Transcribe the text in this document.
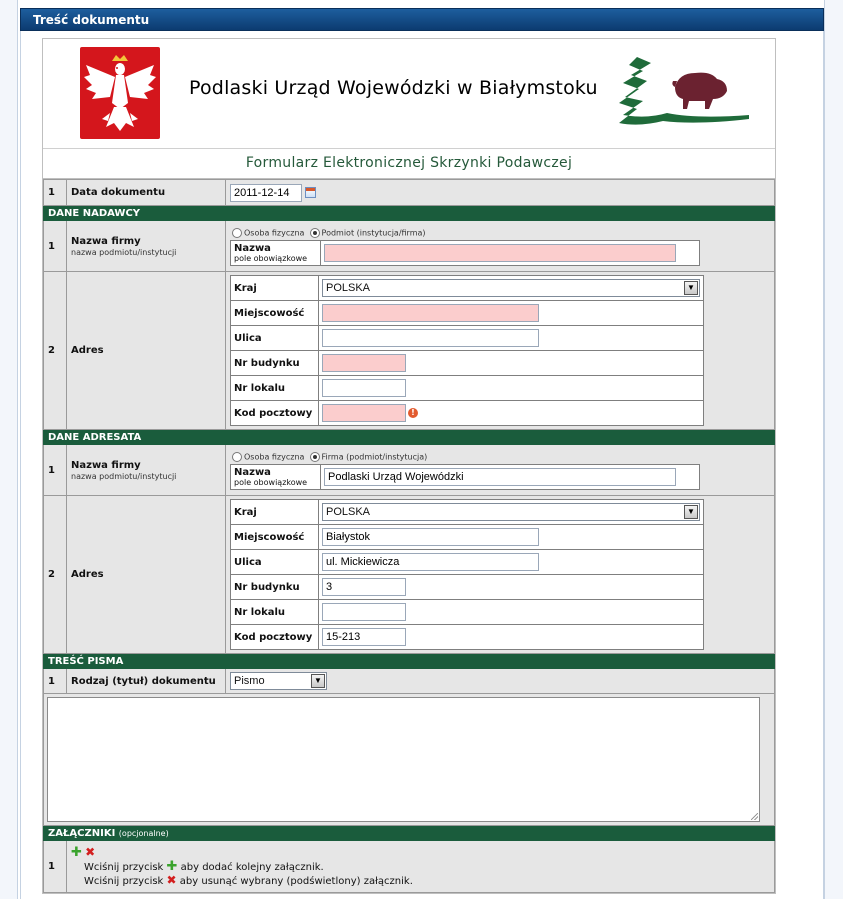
Treść dokumentu
Podlaski Urząd Wojewódzki w Białymstoku
Formularz Elektronicznej Skrzynki Podawczej
1	Data dokumentu	2011-12-14
DANE NADAWCY
1	Nazwa firmy
nazwa podmiotu/instytucji

Osoba fizyczna Podmiot (instytucja/firma)
Nazwa
pole obowiązkowe

2	Adres	
Kraj	POLSKA	▼

Miejscowość	
Ulica	
Nr budynku	
Nr lokalu	
Kod pocztowy	!

DANE ADRESATA
1	Nazwa firmy
nazwa podmiotu/instytucji

Osoba fizyczna Firma (podmiot/instytucja)
Nazwa
pole obowiązkowe	Podlaski Urząd Wojewódzki

2	Adres	
Kraj	POLSKA	▼

Miejscowość	Białystok
Ulica	ul. Mickiewicza
Nr budynku	3
Nr lokalu	
Kod pocztowy	15-213

TREŚĆ PISMA
1	Rodzaj (tytuł) dokumentu	Pismo	▼

ZAŁĄCZNIKI (opcjonalne)
1	
✚ ✖
Wciśnij przycisk ✚ aby dodać kolejny załącznik.
Wciśnij przycisk ✖ aby usunąć wybrany (podświetlony) załącznik.
